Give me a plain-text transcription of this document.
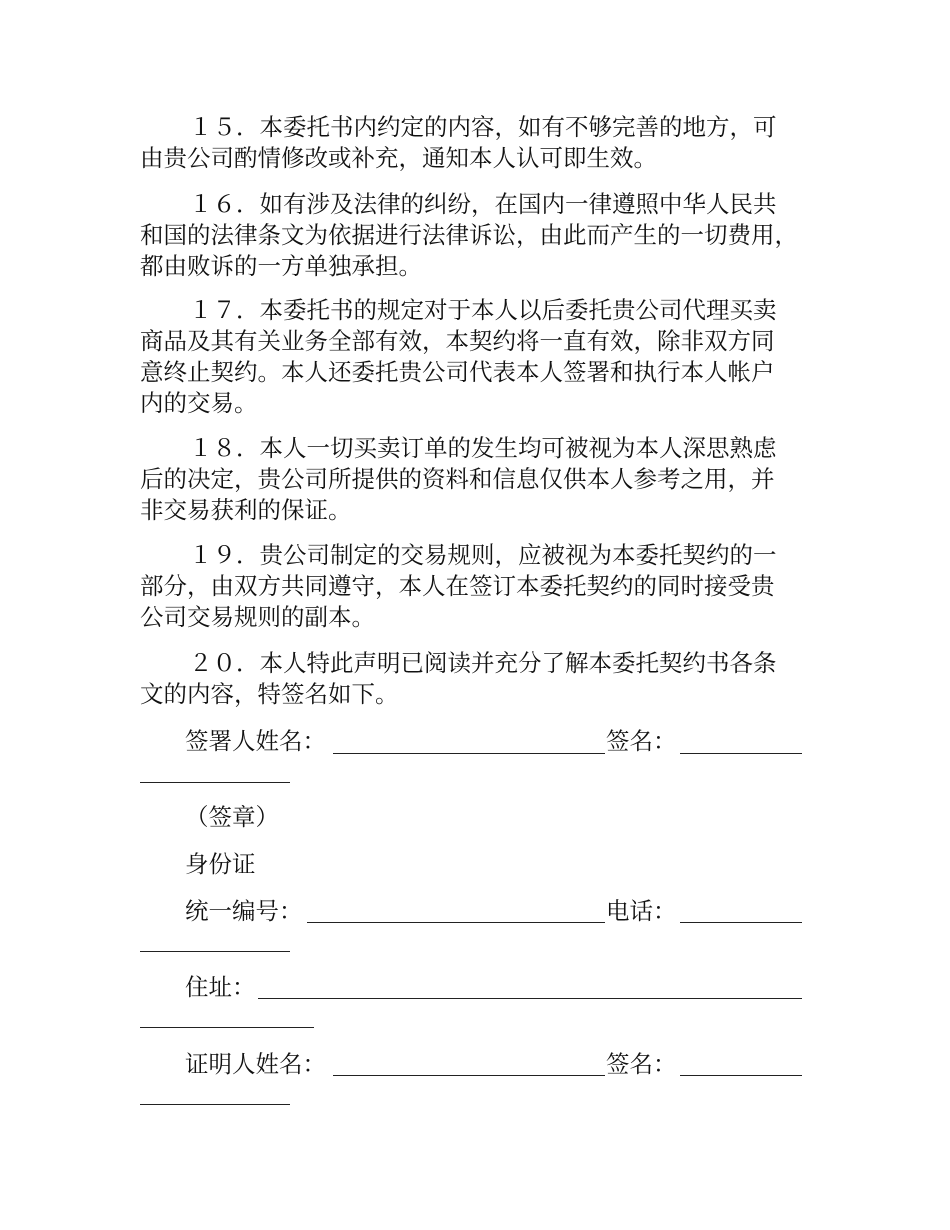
１５．本委托书内约定的内容，如有不够完善的地方，可
由贵公司酌情修改或补充，通知本人认可即生效。

１６．如有涉及法律的纠纷，在国内一律遵照中华人民共
和国的法律条文为依据进行法律诉讼，由此而产生的一切费用，
都由败诉的一方单独承担。

１７．本委托书的规定对于本人以后委托贵公司代理买卖
商品及其有关业务全部有效，本契约将一直有效，除非双方同
意终止契约。本人还委托贵公司代表本人签署和执行本人帐户
内的交易。

１８．本人一切买卖订单的发生均可被视为本人深思熟虑
后的决定，贵公司所提供的资料和信息仅供本人参考之用，并
非交易获利的保证。

１９．贵公司制定的交易规则，应被视为本委托契约的一
部分，由双方共同遵守，本人在签订本委托契约的同时接受贵
公司交易规则的副本。

２０．本人特此声明已阅读并充分了解本委托契约书各条
文的内容，特签名如下。

签署人姓名：	签名：
（签章）
身份证
统一编号：	电话：
住址：
证明人姓名：	签名：
